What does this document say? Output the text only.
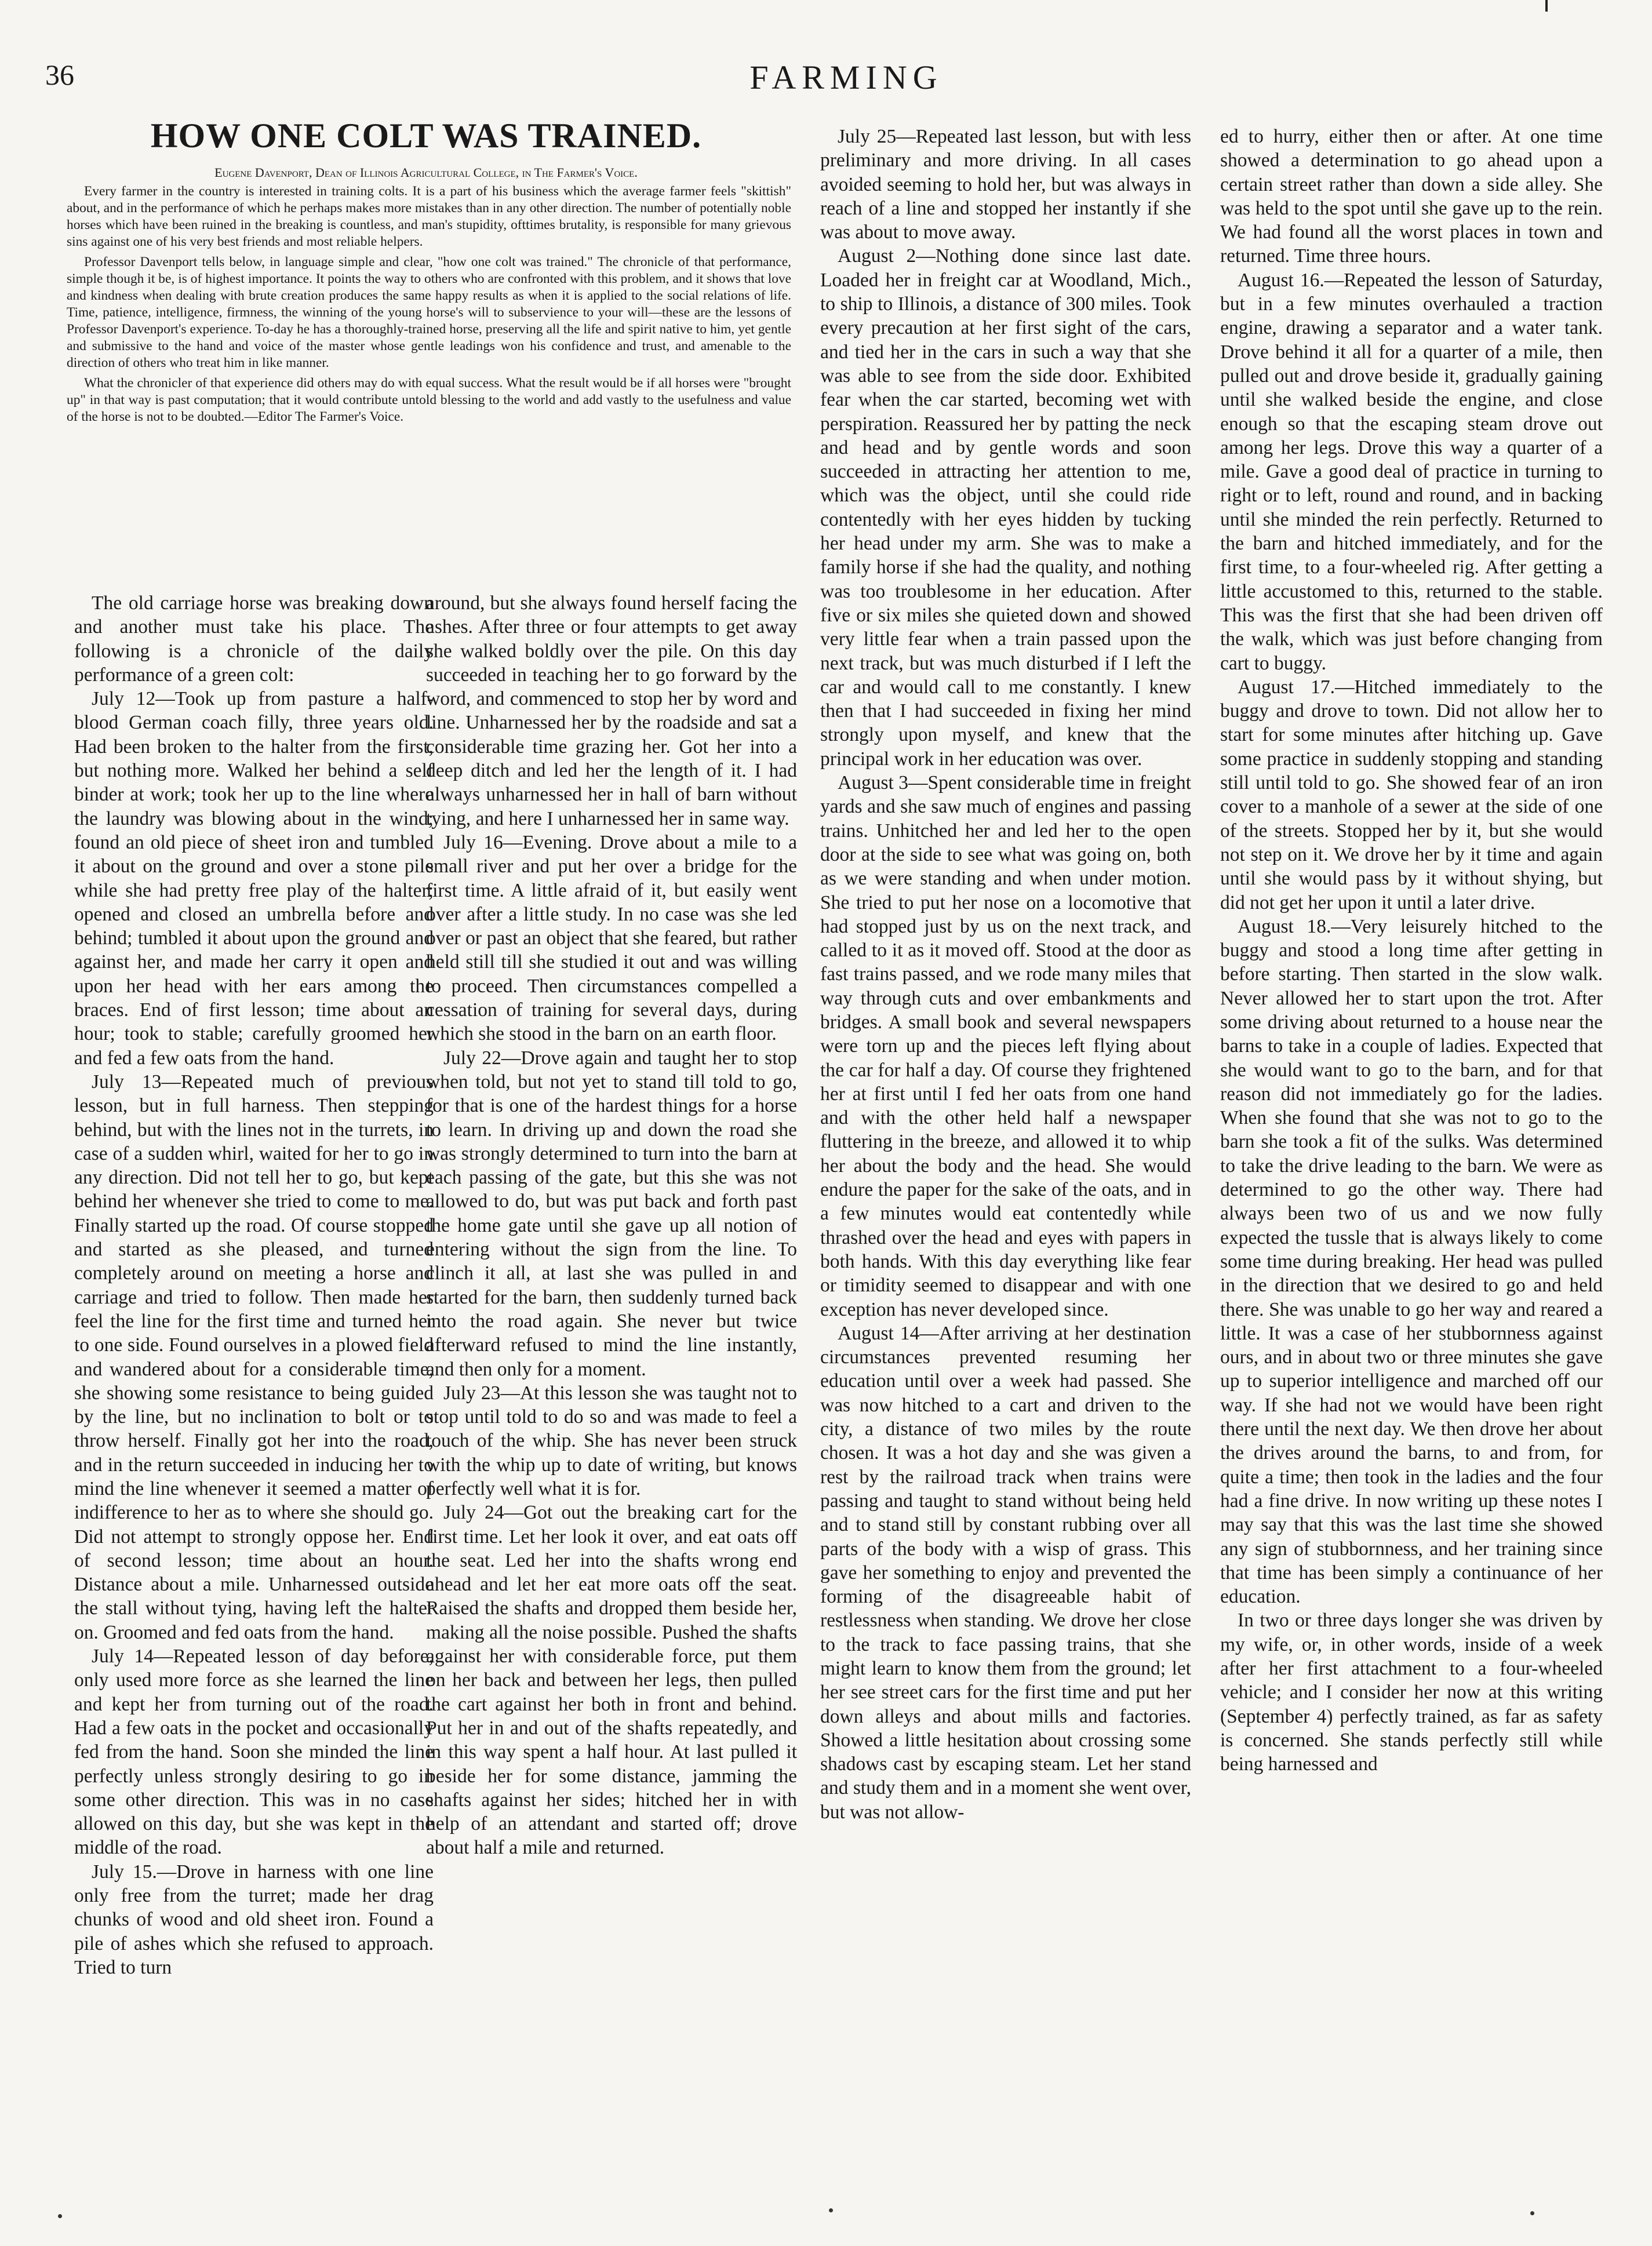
36	FARMING
HOW ONE COLT WAS TRAINED.
Eugene Davenport, Dean of Illinois Agricultural College, in The Farmer's Voice.

Every farmer in the country is interested in training colts. It is a part of his business which the average farmer feels "skittish" about, and in the performance of which he perhaps makes more mistakes than in any other direction. The number of potentially noble horses which have been ruined in the breaking is countless, and man's stupidity, ofttimes brutality, is responsible for many grievous sins against one of his very best friends and most reliable helpers.

Professor Davenport tells below, in language simple and clear, "how one colt was trained." The chronicle of that performance, simple though it be, is of highest importance. It points the way to others who are confronted with this problem, and it shows that love and kindness when dealing with brute creation produces the same happy results as when it is applied to the social relations of life. Time, patience, intelligence, firmness, the winning of the young horse's will to subservience to your will—these are the lessons of Professor Davenport's experience. To-day he has a thoroughly-trained horse, preserving all the life and spirit native to him, yet gentle and submissive to the hand and voice of the master whose gentle leadings won his confidence and trust, and amenable to the direction of others who treat him in like manner.

What the chronicler of that experience did others may do with equal success. What the result would be if all horses were "brought up" in that way is past computation; that it would contribute untold blessing to the world and add vastly to the usefulness and value of the horse is not to be doubted.—Editor The Farmer's Voice.

The old carriage horse was breaking down and another must take his place. The following is a chronicle of the daily performance of a green colt:

July 12—Took up from pasture a half-blood German coach filly, three years old. Had been broken to the halter from the first, but nothing more. Walked her behind a self binder at work; took her up to the line where the laundry was blowing about in the wind; found an old piece of sheet iron and tumbled it about on the ground and over a stone pile while she had pretty free play of the halter; opened and closed an umbrella before and behind; tumbled it about upon the ground and against her, and made her carry it open and upon her head with her ears among the braces. End of first lesson; time about an hour; took to stable; carefully groomed her and fed a few oats from the hand.

July 13—Repeated much of previous lesson, but in full harness. Then stepping behind, but with the lines not in the turrets, in case of a sudden whirl, waited for her to go in any direction. Did not tell her to go, but kept behind her whenever she tried to come to me. Finally started up the road. Of course stopped and started as she pleased, and turned completely around on meeting a horse and carriage and tried to follow. Then made her feel the line for the first time and turned her to one side. Found ourselves in a plowed field and wandered about for a considerable time, she showing some resistance to being guided by the line, but no inclination to bolt or to throw herself. Finally got her into the road, and in the return succeeded in inducing her to mind the line whenever it seemed a matter of indifference to her as to where she should go. Did not attempt to strongly oppose her. End of second lesson; time about an hour. Distance about a mile. Unharnessed outside the stall without tying, having left the halter on. Groomed and fed oats from the hand.

July 14—Repeated lesson of day before, only used more force as she learned the line and kept her from turning out of the road. Had a few oats in the pocket and occasionally fed from the hand. Soon she minded the line perfectly unless strongly desiring to go in some other direction. This was in no case allowed on this day, but she was kept in the middle of the road.

July 15.—Drove in harness with one line only free from the turret; made her drag chunks of wood and old sheet iron. Found a pile of ashes which she refused to approach. Tried to turn

around, but she always found herself facing the ashes. After three or four attempts to get away she walked boldly over the pile. On this day succeeded in teaching her to go forward by the word, and commenced to stop her by word and line. Unharnessed her by the roadside and sat a considerable time grazing her. Got her into a deep ditch and led her the length of it. I had always unharnessed her in hall of barn without tying, and here I unharnessed her in same way.

July 16—Evening. Drove about a mile to a small river and put her over a bridge for the first time. A little afraid of it, but easily went over after a little study. In no case was she led over or past an object that she feared, but rather held still till she studied it out and was willing to proceed. Then circumstances compelled a cessation of training for several days, during which she stood in the barn on an earth floor.

July 22—Drove again and taught her to stop when told, but not yet to stand till told to go, for that is one of the hardest things for a horse to learn. In driving up and down the road she was strongly determined to turn into the barn at each passing of the gate, but this she was not allowed to do, but was put back and forth past the home gate until she gave up all notion of entering without the sign from the line. To clinch it all, at last she was pulled in and started for the barn, then suddenly turned back into the road again. She never but twice afterward refused to mind the line instantly, and then only for a moment.

July 23—At this lesson she was taught not to stop until told to do so and was made to feel a touch of the whip. She has never been struck with the whip up to date of writing, but knows perfectly well what it is for.

July 24—Got out the breaking cart for the first time. Let her look it over, and eat oats off the seat. Led her into the shafts wrong end ahead and let her eat more oats off the seat. Raised the shafts and dropped them beside her, making all the noise possible. Pushed the shafts against her with considerable force, put them on her back and between her legs, then pulled the cart against her both in front and behind. Put her in and out of the shafts repeatedly, and in this way spent a half hour. At last pulled it beside her for some distance, jamming the shafts against her sides; hitched her in with help of an attendant and started off; drove about half a mile and returned.

July 25—Repeated last lesson, but with less preliminary and more driving. In all cases avoided seeming to hold her, but was always in reach of a line and stopped her instantly if she was about to move away.

August 2—Nothing done since last date. Loaded her in freight car at Woodland, Mich., to ship to Illinois, a distance of 300 miles. Took every precaution at her first sight of the cars, and tied her in the cars in such a way that she was able to see from the side door. Exhibited fear when the car started, becoming wet with perspiration. Reassured her by patting the neck and head and by gentle words and soon succeeded in attracting her attention to me, which was the object, until she could ride contentedly with her eyes hidden by tucking her head under my arm. She was to make a family horse if she had the quality, and nothing was too troublesome in her education. After five or six miles she quieted down and showed very little fear when a train passed upon the next track, but was much disturbed if I left the car and would call to me constantly. I knew then that I had succeeded in fixing her mind strongly upon myself, and knew that the principal work in her education was over.

August 3—Spent considerable time in freight yards and she saw much of engines and passing trains. Unhitched her and led her to the open door at the side to see what was going on, both as we were standing and when under motion. She tried to put her nose on a locomotive that had stopped just by us on the next track, and called to it as it moved off. Stood at the door as fast trains passed, and we rode many miles that way through cuts and over embankments and bridges. A small book and several newspapers were torn up and the pieces left flying about the car for half a day. Of course they frightened her at first until I fed her oats from one hand and with the other held half a newspaper fluttering in the breeze, and allowed it to whip her about the body and the head. She would endure the paper for the sake of the oats, and in a few minutes would eat contentedly while thrashed over the head and eyes with papers in both hands. With this day everything like fear or timidity seemed to disappear and with one exception has never developed since.

August 14—After arriving at her destination circumstances prevented resuming her education until over a week had passed. She was now hitched to a cart and driven to the city, a distance of two miles by the route chosen. It was a hot day and she was given a rest by the railroad track when trains were passing and taught to stand without being held and to stand still by constant rubbing over all parts of the body with a wisp of grass. This gave her something to enjoy and prevented the forming of the disagreeable habit of restlessness when standing. We drove her close to the track to face passing trains, that she might learn to know them from the ground; let her see street cars for the first time and put her down alleys and about mills and factories. Showed a little hesitation about crossing some shadows cast by escaping steam. Let her stand and study them and in a moment she went over, but was not allow-

ed to hurry, either then or after. At one time showed a determination to go ahead upon a certain street rather than down a side alley. She was held to the spot until she gave up to the rein. We had found all the worst places in town and returned. Time three hours.

August 16.—Repeated the lesson of Saturday, but in a few minutes overhauled a traction engine, drawing a separator and a water tank. Drove behind it all for a quarter of a mile, then pulled out and drove beside it, gradually gaining until she walked beside the engine, and close enough so that the escaping steam drove out among her legs. Drove this way a quarter of a mile. Gave a good deal of practice in turning to right or to left, round and round, and in backing until she minded the rein perfectly. Returned to the barn and hitched immediately, and for the first time, to a four-wheeled rig. After getting a little accustomed to this, returned to the stable. This was the first that she had been driven off the walk, which was just before changing from cart to buggy.

August 17.—Hitched immediately to the buggy and drove to town. Did not allow her to start for some minutes after hitching up. Gave some practice in suddenly stopping and standing still until told to go. She showed fear of an iron cover to a manhole of a sewer at the side of one of the streets. Stopped her by it, but she would not step on it. We drove her by it time and again until she would pass by it without shying, but did not get her upon it until a later drive.

August 18.—Very leisurely hitched to the buggy and stood a long time after getting in before starting. Then started in the slow walk. Never allowed her to start upon the trot. After some driving about returned to a house near the barns to take in a couple of ladies. Expected that she would want to go to the barn, and for that reason did not immediately go for the ladies. When she found that she was not to go to the barn she took a fit of the sulks. Was determined to take the drive leading to the barn. We were as determined to go the other way. There had always been two of us and we now fully expected the tussle that is always likely to come some time during breaking. Her head was pulled in the direction that we desired to go and held there. She was unable to go her way and reared a little. It was a case of her stubbornness against ours, and in about two or three minutes she gave up to superior intelligence and marched off our way. If she had not we would have been right there until the next day. We then drove her about the drives around the barns, to and from, for quite a time; then took in the ladies and the four had a fine drive. In now writing up these notes I may say that this was the last time she showed any sign of stubbornness, and her training since that time has been simply a continuance of her education.

In two or three days longer she was driven by my wife, or, in other words, inside of a week after her first attachment to a four-wheeled vehicle; and I consider her now at this writing (September 4) perfectly trained, as far as safety is concerned. She stands perfectly still while being harnessed and
